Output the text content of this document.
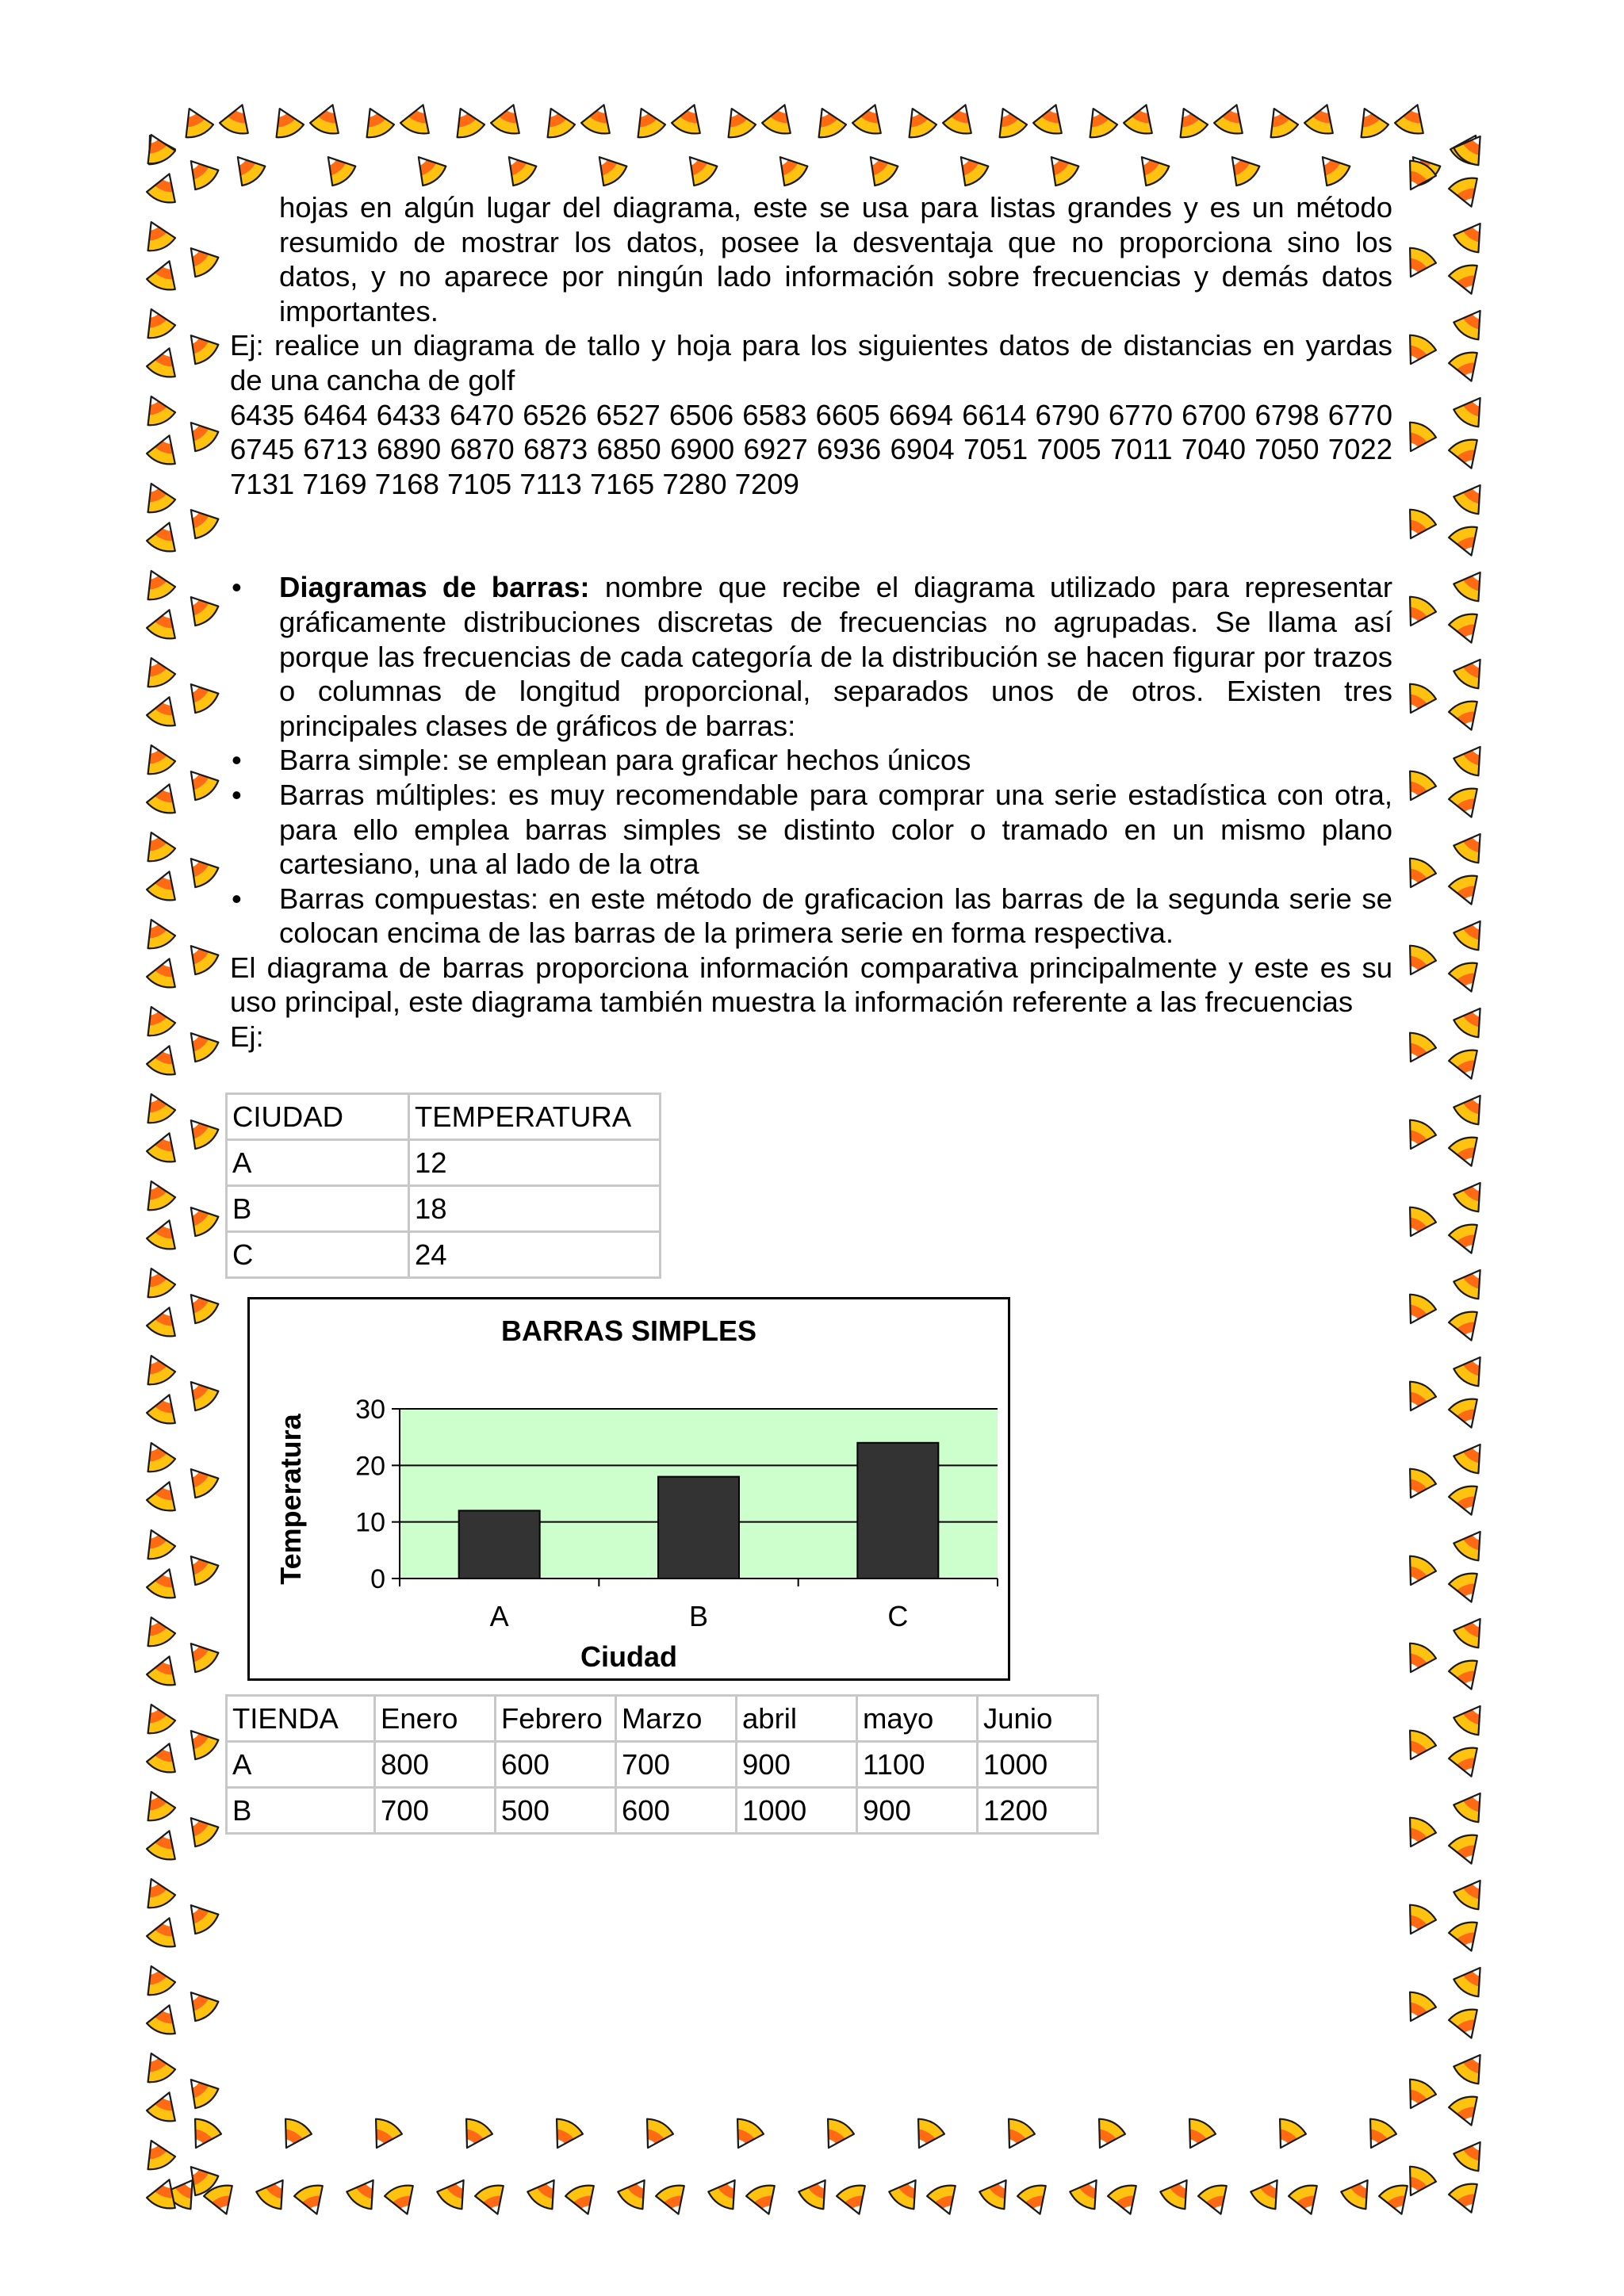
hojas en algún lugar del diagrama, este se usa para listas grandes y es un método resumido de mostrar los datos, posee la desventaja que no proporciona sino los datos, y no aparece por ningún lado información sobre frecuencias y demás datos importantes.

Ej: realice un diagrama de tallo y hoja para los siguientes datos de distancias en yardas de una cancha de golf

6435 6464 6433 6470 6526 6527 6506 6583 6605 6694 6614 6790 6770 6700 6798 6770 6745 6713 6890 6870 6873 6850 6900 6927 6936 6904 7051 7005 7011 7040 7050 7022 7131 7169 7168 7105 7113 7165 7280 7209

• Diagramas de barras: nombre que recibe el diagrama utilizado para representar gráficamente distribuciones discretas de frecuencias no agrupadas. Se llama así porque las frecuencias de cada categoría de la distribución se hacen figurar por trazos o columnas de longitud proporcional, separados unos de otros. Existen tres principales clases de gráficos de barras:
• Barra simple: se emplean para graficar hechos únicos
• Barras múltiples: es muy recomendable para comprar una serie estadística con otra, para ello emplea barras simples se distinto color o tramado en un mismo plano cartesiano, una al lado de la otra
• Barras compuestas: en este método de graficacion las barras de la segunda serie se colocan encima de las barras de la primera serie en forma respectiva.

El diagrama de barras proporciona información comparativa principalmente y este es su uso principal, este diagrama también muestra la información referente a las frecuencias

Ej:

CIUDAD	TEMPERATURA
A	12
B	18
C	24
BARRAS SIMPLES
Ciudad
Temperatura 0
10
20
30
A	B	C
TIENDA	Enero	Febrero	Marzo	abril	mayo	Junio
A	800	600	700	900	1100	1000
B	700	500	600	1000	900	1200
